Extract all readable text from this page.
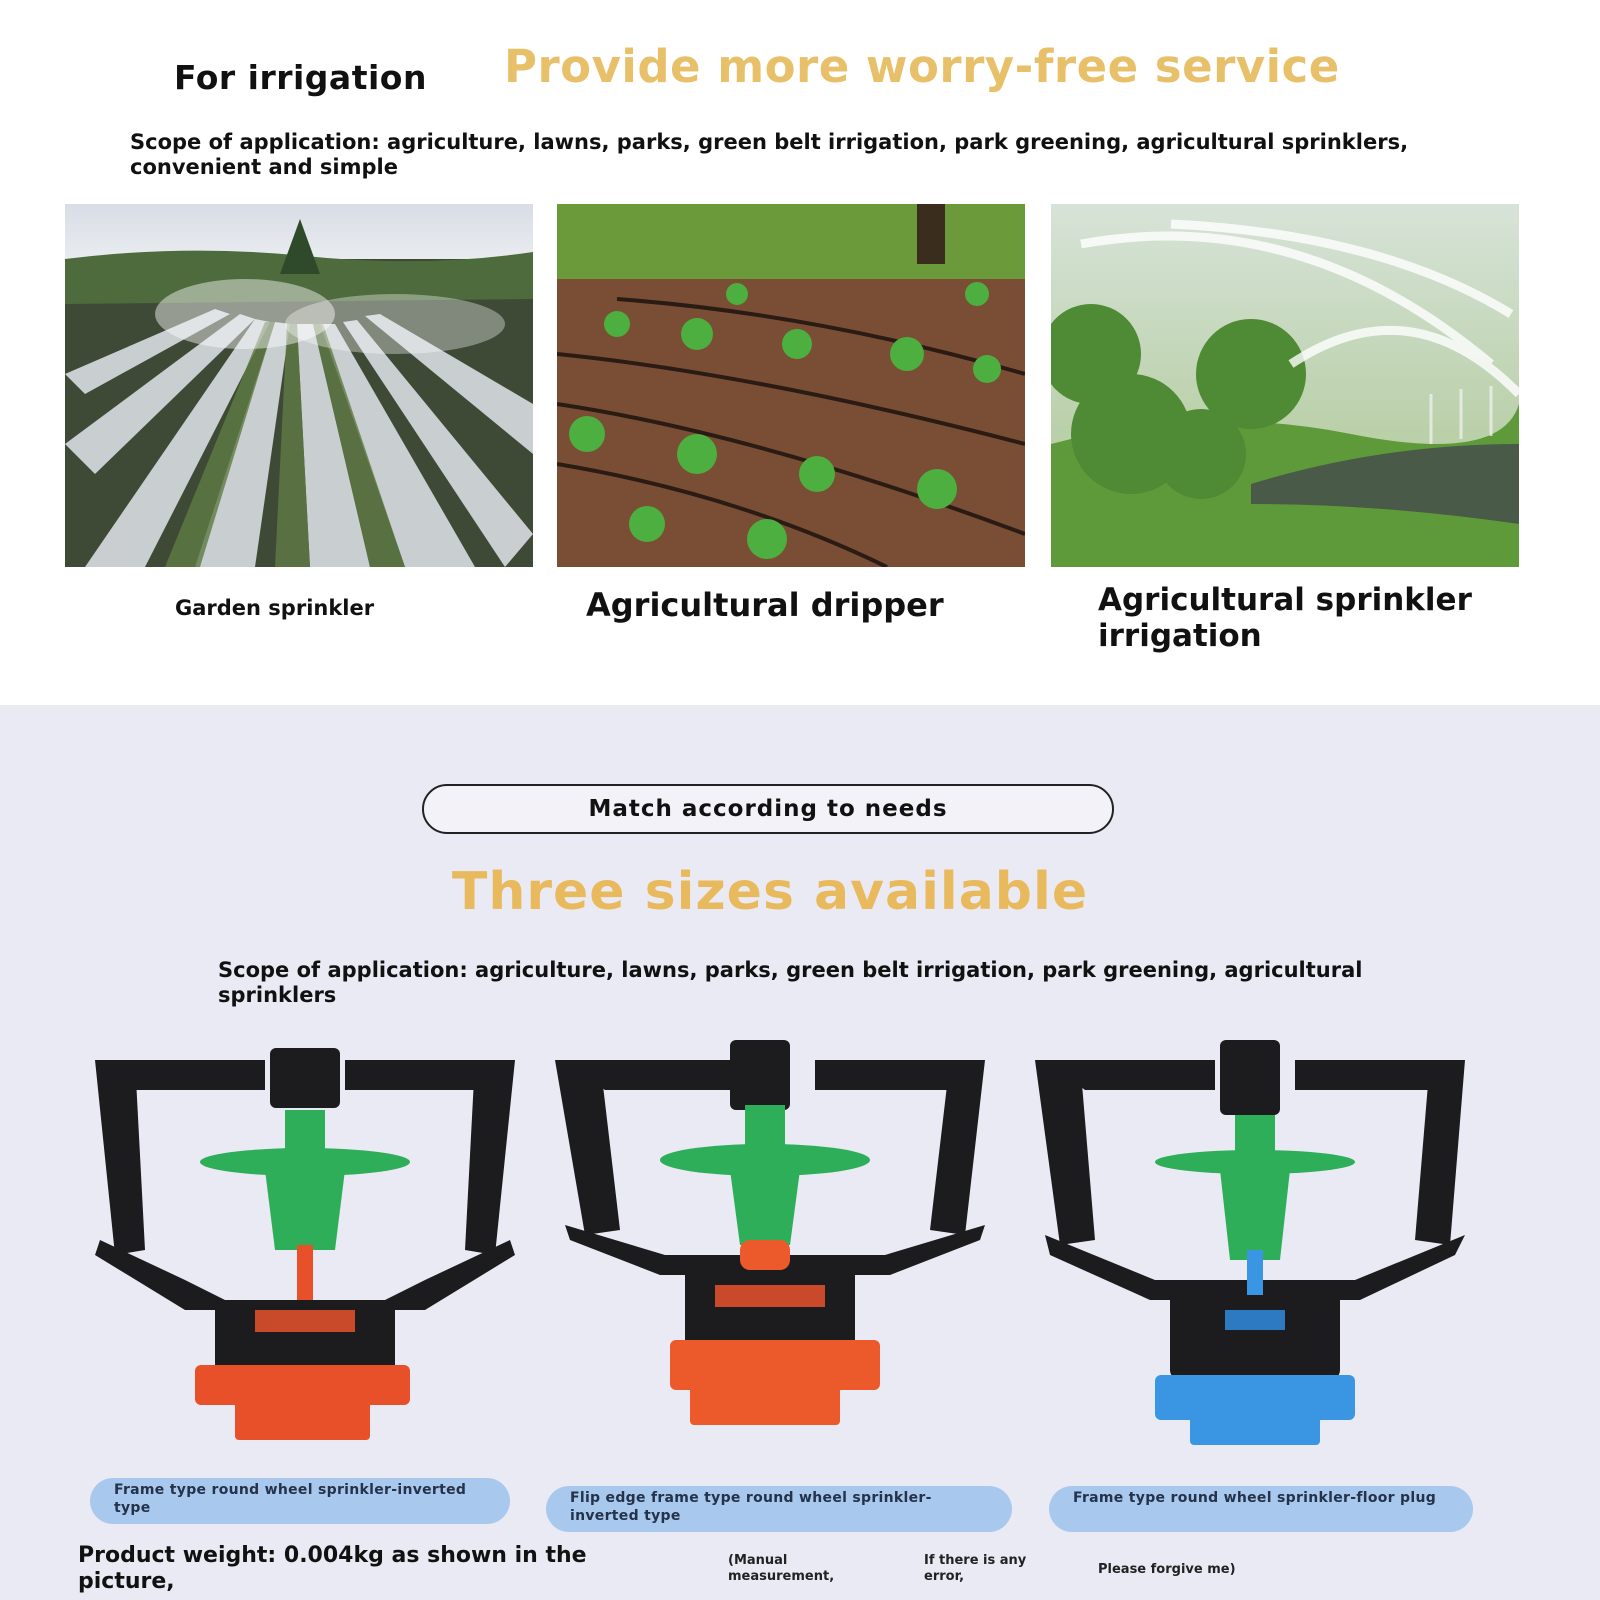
For irrigation Provide more worry-free service
Scope of application: agriculture, lawns, parks, green belt irrigation, park greening, agricultural sprinklers, convenient and simple
Garden sprinkler	Agricultural dripper	Agricultural sprinkler irrigation
Match according to needs
Three sizes available
Scope of application: agriculture, lawns, parks, green belt irrigation, park greening, agricultural sprinklers
Frame type round wheel sprinkler-inverted type
Flip edge frame type round wheel sprinkler-inverted type
Frame type round wheel sprinkler-floor plug
Product weight: 0.004kg as shown in the picture,
(Manual measurement,
If there is any error,	Please forgive me)
